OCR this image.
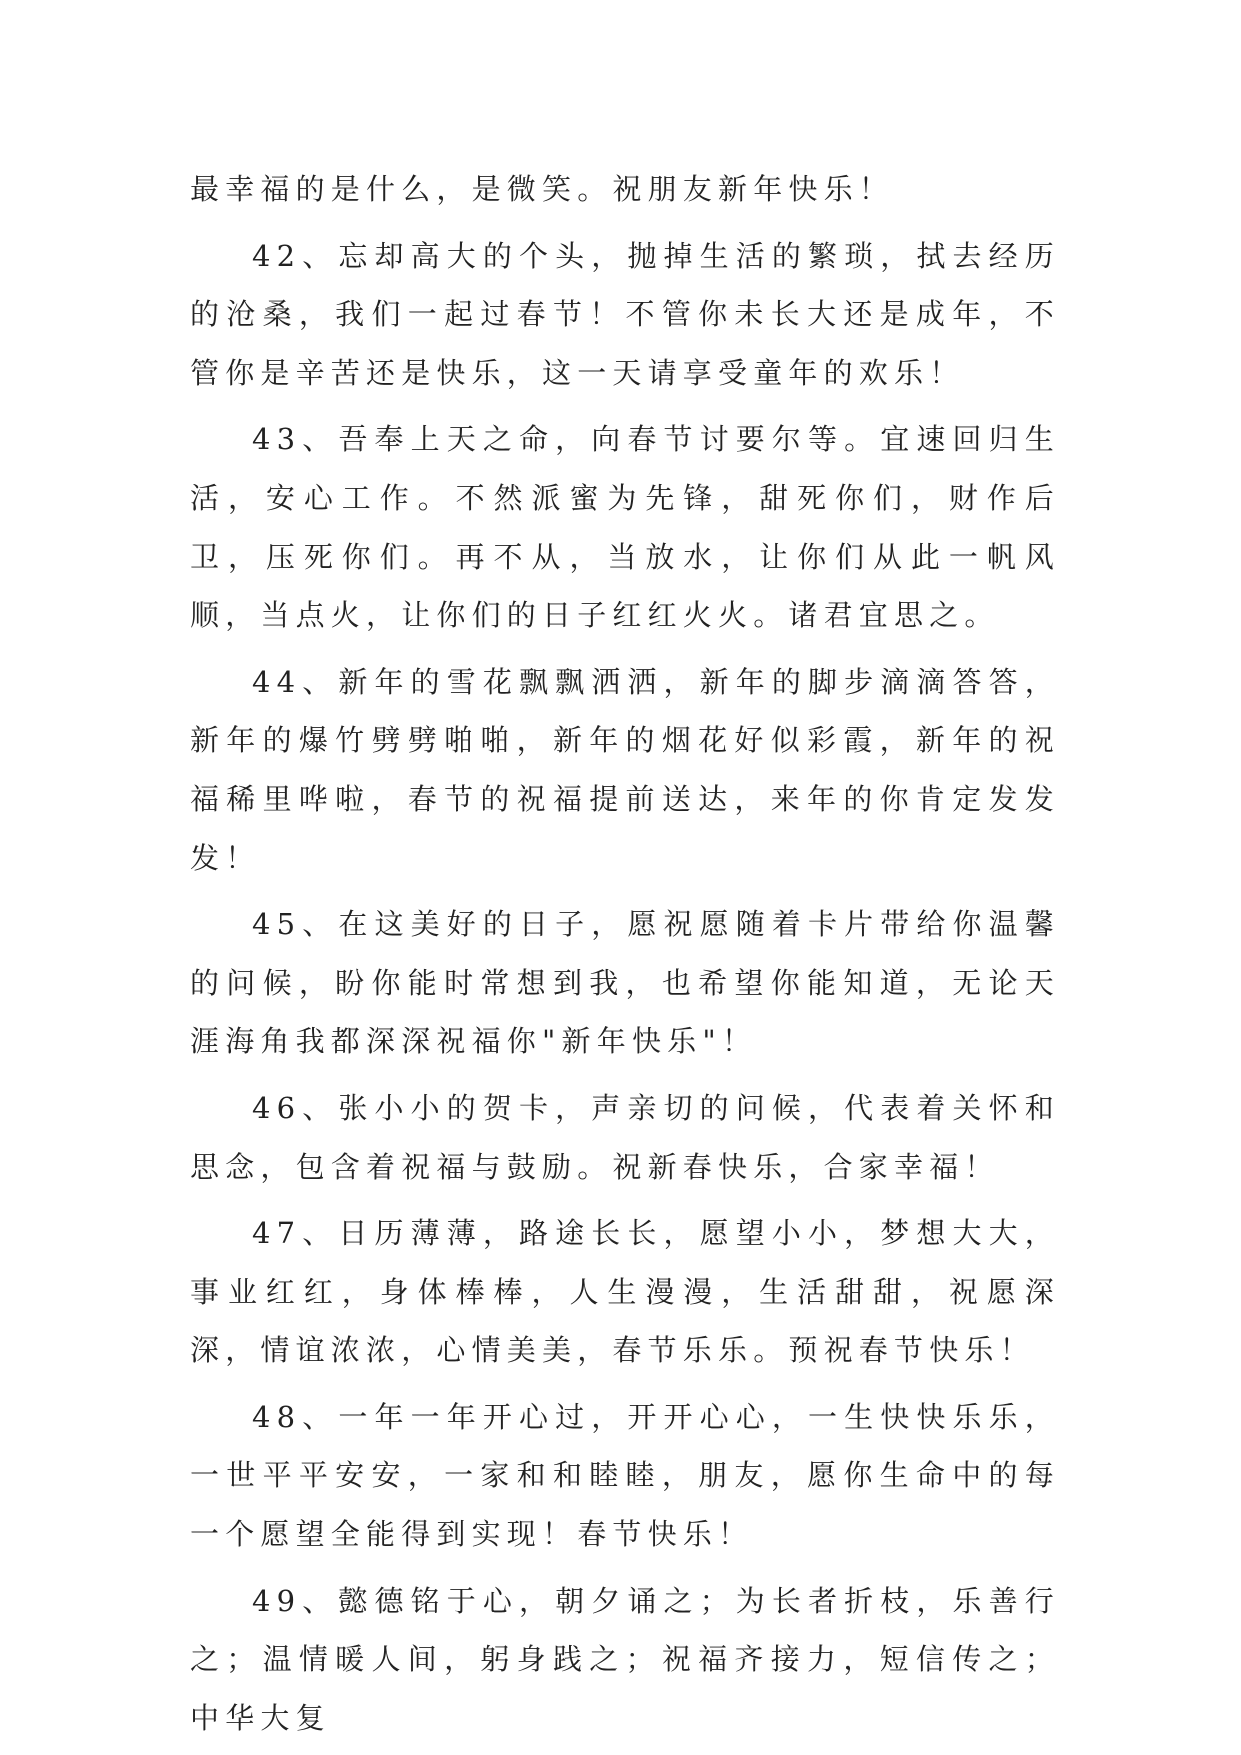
最幸福的是什么，是微笑。祝朋友新年快乐！

42、忘却高大的个头，抛掉生活的繁琐，拭去经历的沧桑，我们一起过春节！不管你未长大还是成年，不管你是辛苦还是快乐，这一天请享受童年的欢乐！

43、吾奉上天之命，向春节讨要尔等。宜速回归生活，安心工作。不然派蜜为先锋，甜死你们，财作后卫，压死你们。再不从，当放水，让你们从此一帆风顺，当点火，让你们的日子红红火火。诸君宜思之。

44、新年的雪花飘飘洒洒，新年的脚步滴滴答答，新年的爆竹劈劈啪啪，新年的烟花好似彩霞，新年的祝福稀里哗啦，春节的祝福提前送达，来年的你肯定发发发！

45、在这美好的日子，愿祝愿随着卡片带给你温馨的问候，盼你能时常想到我，也希望你能知道，无论天涯海角我都深深祝福你"新年快乐"！

46、张小小的贺卡，声亲切的问候，代表着关怀和思念，包含着祝福与鼓励。祝新春快乐，合家幸福！

47、日历薄薄，路途长长，愿望小小，梦想大大，事业红红，身体棒棒，人生漫漫，生活甜甜，祝愿深深，情谊浓浓，心情美美，春节乐乐。预祝春节快乐！

48、一年一年开心过，开开心心，一生快快乐乐，一世平平安安，一家和和睦睦，朋友，愿你生命中的每一个愿望全能得到实现！春节快乐！

49、懿德铭于心，朝夕诵之；为长者折枝，乐善行之；温情暖人间，躬身践之；祝福齐接力，短信传之；中华大复
